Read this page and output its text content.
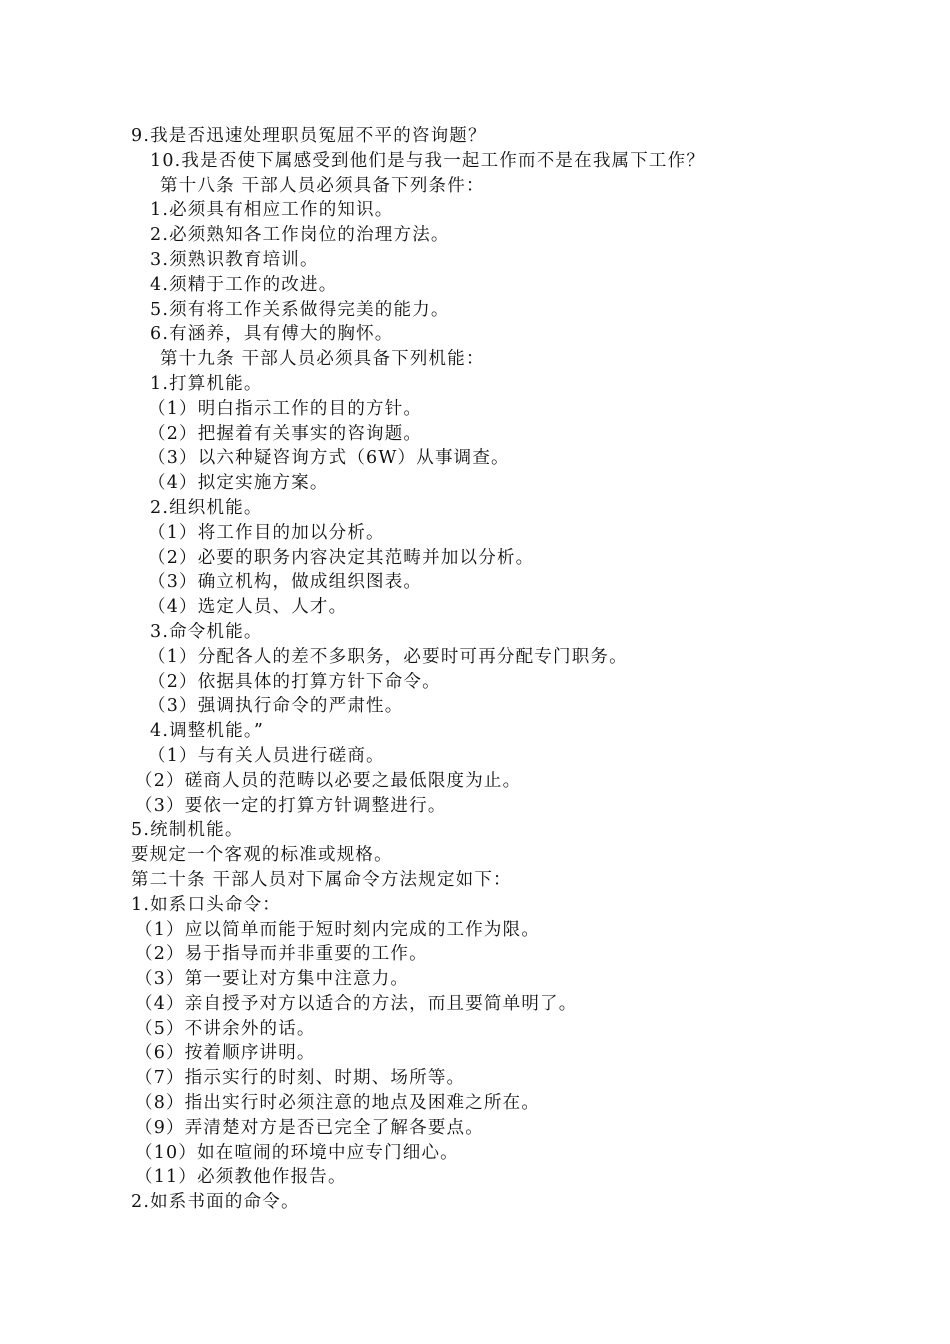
9.我是否迅速处理职员冤屈不平的咨询题？
10.我是否使下属感受到他们是与我一起工作而不是在我属下工作？
第十八条 干部人员必须具备下列条件：
1.必须具有相应工作的知识。
2.必须熟知各工作岗位的治理方法。
3.须熟识教育培训。
4.须精于工作的改进。
5.须有将工作关系做得完美的能力。
6.有涵养，具有傅大的胸怀。
第十九条 干部人员必须具备下列机能：
1.打算机能。
（1）明白指示工作的目的方针。
（2）把握着有关事实的咨询题。
（3）以六种疑咨询方式（6W）从事调查。
（4）拟定实施方案。
2.组织机能。
（1）将工作目的加以分析。
（2）必要的职务内容决定其范畴并加以分析。
（3）确立机构，做成组织图表。
（4）选定人员、人才。
3.命令机能。
（1）分配各人的差不多职务，必要时可再分配专门职务。
（2）依据具体的打算方针下命令。
（3）强调执行命令的严肃性。
4.调整机能。”
（1）与有关人员进行磋商。
（2）磋商人员的范畴以必要之最低限度为止。
（3）要依一定的打算方针调整进行。
5.统制机能。
要规定一个客观的标准或规格。
第二十条 干部人员对下属命令方法规定如下：
1.如系口头命令：
（1）应以简单而能于短时刻内完成的工作为限。
（2）易于指导而并非重要的工作。
（3）第一要让对方集中注意力。
（4）亲自授予对方以适合的方法，而且要简单明了。
（5）不讲余外的话。
（6）按着顺序讲明。
（7）指示实行的时刻、时期、场所等。
（8）指出实行时必须注意的地点及困难之所在。
（9）弄清楚对方是否已完全了解各要点。
（10）如在喧闹的环境中应专门细心。
（11）必须教他作报告。
2.如系书面的命令。
